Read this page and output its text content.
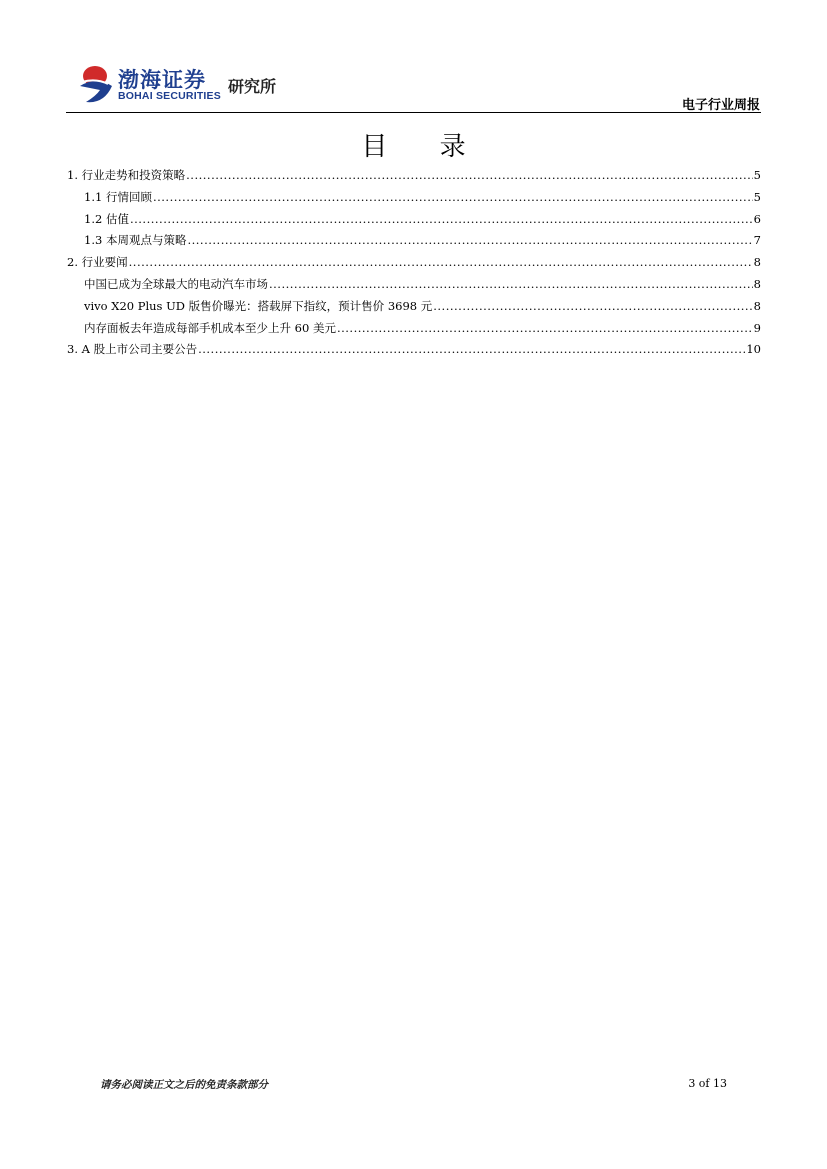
渤海证券
BOHAI SECURITIES 研究所
电子行业周报
目 录
1. 行业走势和投资策略 .....	5
1.1 行情回顾 .....	5
1.2 估值 .....	6
1.3 本周观点与策略 .....	7
2. 行业要闻 .....	8
中国已成为全球最大的电动汽车市场 .....	8
vivo X20 Plus UD 版售价曝光：搭载屏下指纹，预计售价 3698 元 .....	8
内存面板去年造成每部手机成本至少上升 60 美元 .....	9
3. A 股上市公司主要公告 .....	10
请务必阅读正文之后的免责条款部分	3 of 13
